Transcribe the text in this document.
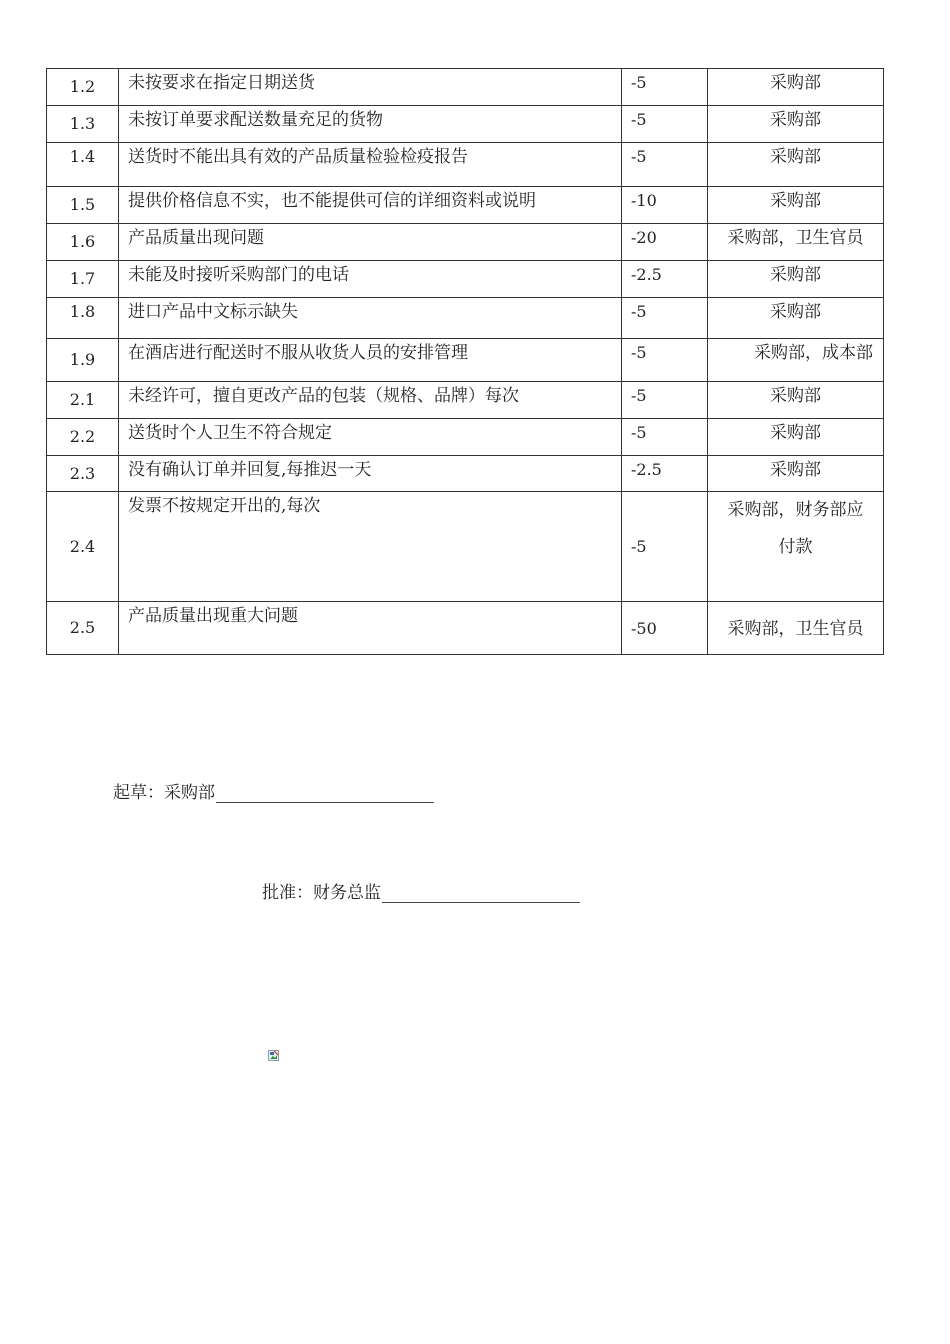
1.2	未按要求在指定日期送货	-5	采购部
1.3	未按订单要求配送数量充足的货物	-5	采购部
1.4	送货时不能出具有效的产品质量检验检疫报告	-5	采购部
1.5	提供价格信息不实，也不能提供可信的详细资料或说明	-10	采购部
1.6	产品质量出现问题	-20	采购部，卫生官员
1.7	未能及时接听采购部门的电话	-2.5	采购部
1.8	进口产品中文标示缺失	-5	采购部
1.9	在酒店进行配送时不服从收货人员的安排管理	-5	采购部，成本部
2.1	未经许可，擅自更改产品的包装（规格、品牌）每次	-5	采购部
2.2	送货时个人卫生不符合规定	-5	采购部
2.3	没有确认订单并回复,每推迟一天	-2.5	采购部
2.4	发票不按规定开出的,每次	-5	采购部，财务部应
付款

2.5	产品质量出现重大问题	-50	采购部，卫生官员
起草：采购部
批准：财务总监
